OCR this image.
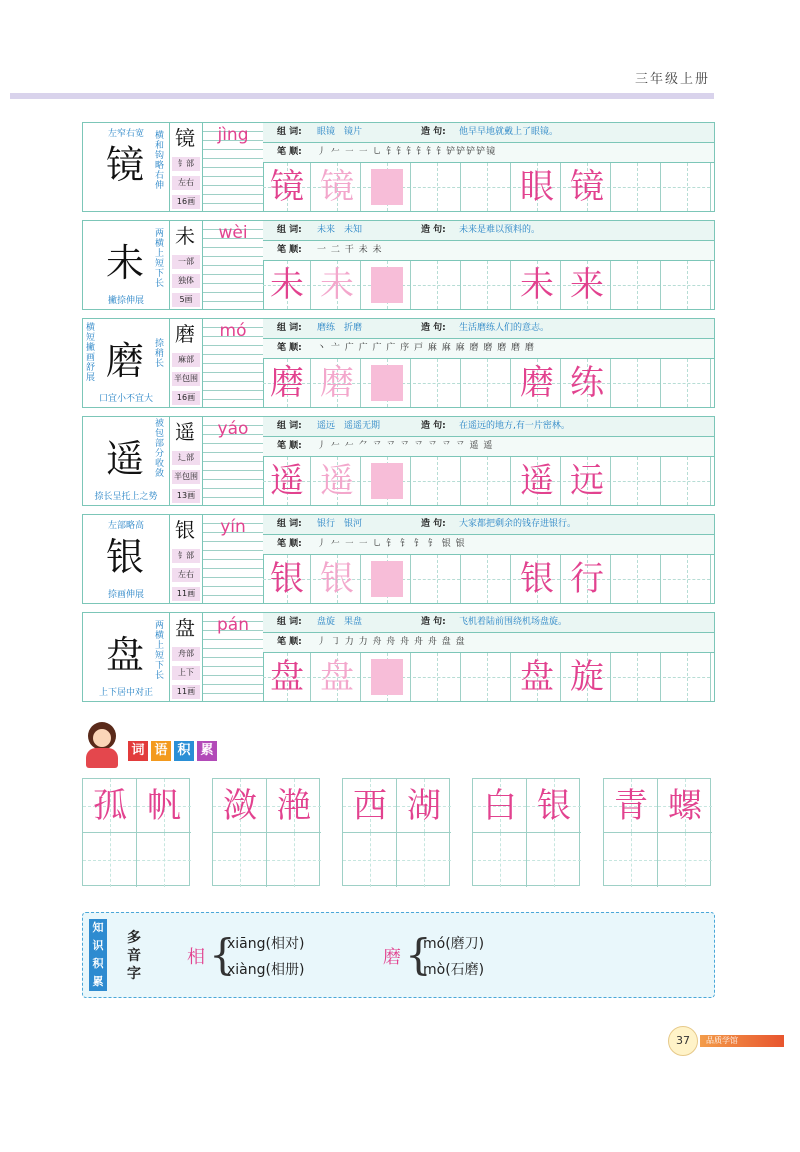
三年级上册
左窄右宽
镜
横和钩略右伸
镜
钅部
左右
16画
jìng	组 词: 眼镜　镜片	造 句: 他早早地就戴上了眼镜。
笔 顺: 丿 𠂉 ㇐ ㇐ ㇟ 钅钅钅钅钅钅铲铲铲铲镜
镜 镜	眼 镜
未
两横上短下长
撇捺伸展
未
一部
独体
5画
wèi	组 词: 未来　未知	造 句: 未来是难以预料的。
笔 顺: 一 二 干 未 未
未 未	未 来
横短撇画舒展 磨	捺稍长
口宜小不宜大
磨
麻部
半包围
16画
mó	组 词: 磨练　折磨	造 句: 生活磨练人们的意志。
笔 顺: 丶 亠 广 广 广 广 序 戸 麻 麻 麻 磨 磨 磨 磨 磨
磨 磨	磨 练
遥
被包部分收敛
捺长呈托上之势
遥
辶部
半包围
13画
yáo	组 词: 遥远　遥遥无期	造 句: 在遥远的地方,有一片密林。
笔 顺: 丿 𠂉 𠂉 ⺈ 乊 乊 乊 乊 乊 乊 乊 遥 遥
遥 遥	遥 远
左部略高
银
捺画伸展
银
钅部
左右
11画
yín	组 词: 银行　银河	造 句: 大家都把剩余的钱存进银行。
笔 顺: 丿 𠂉 ㇐ ㇐ ㇟ 钅 钅 钅 钅 银 银
银 银	银 行
盘
两横上短下长
上下居中对正
盘
舟部
上下
11画
pán	组 词: 盘旋　果盘	造 句: 飞机着陆前围绕机场盘旋。
笔 顺: 丿 ㇆ 力 力 舟 舟 舟 舟 舟 盘 盘
盘 盘	盘 旋
词 语 积 累
孤 帆 潋 滟 西 湖 白 银 青 螺
知识积累
多音字
相 {
xiāng(相对)
xiàng(相册)
磨 {
mó(磨刀)
mò(石磨)
37	品质学馆
